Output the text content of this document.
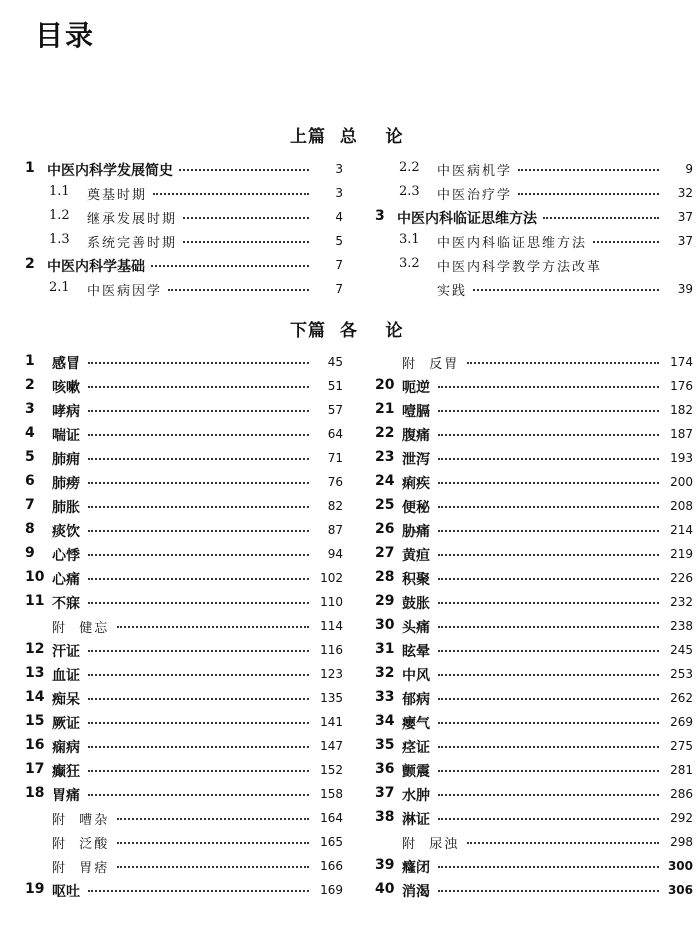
目录
上篇  总    论
1 中医内科学发展简史	3
1.1 奠基时期	3
1.2 继承发展时期	4
1.3 系统完善时期	5
2 中医内科学基础	7
2.1 中医病因学	7
2.2 中医病机学	9
2.3 中医治疗学	32
3 中医内科临证思维方法	37
3.1 中医内科临证思维方法	37
3.2 中医内科学教学方法改革
实践	39
下篇  各    论
1 感冒	45
2 咳嗽	51
3 哮病	57
4 喘证	64
5 肺痈	71
6 肺痨	76
7 肺胀	82
8 痰饮	87
9 心悸	94
10 心痛	102
11 不寐	110
附  健忘	114
12 汗证	116
13 血证	123
14 痴呆	135
15 厥证	141
16 痫病	147
17 癫狂	152
18 胃痛	158
附  嘈杂	164
附  泛酸	165
附  胃痞	166
19 呕吐	169
附  反胃	174
20 呃逆	176
21 噎膈	182
22 腹痛	187
23 泄泻	193
24 痢疾	200
25 便秘	208
26 胁痛	214
27 黄疸	219
28 积聚	226
29 鼓胀	232
30 头痛	238
31 眩晕	245
32 中风	253
33 郁病	262
34 瘿气	269
35 痉证	275
36 颤震	281
37 水肿	286
38 淋证	292
附  尿浊	298
39 癃闭	300
40 消渴	306
